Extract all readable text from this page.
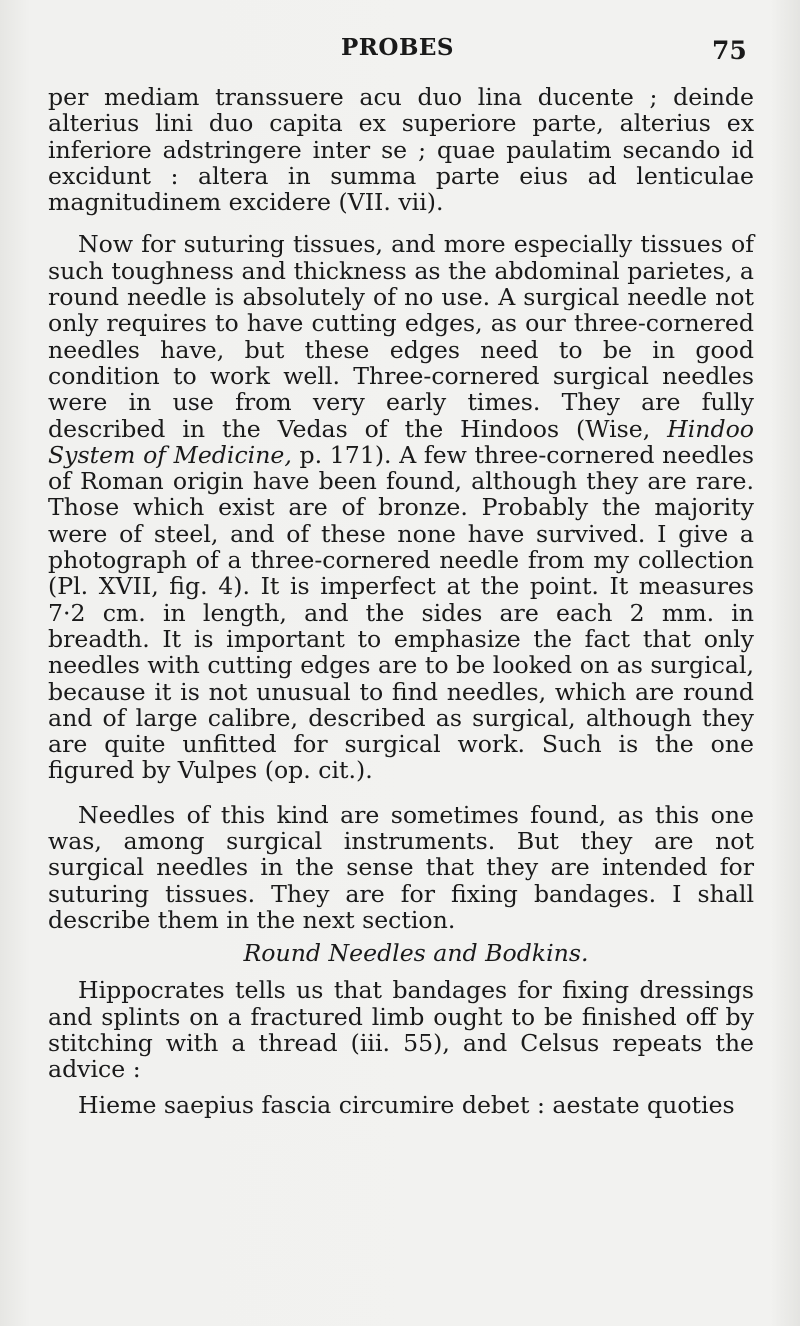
PROBES	75

per mediam transsuere acu duo lina ducente ; deinde alterius lini duo capita ex superiore parte, alterius ex inferiore adstringere inter se ; quae paulatim secando id excidunt : altera in summa parte eius ad lenticulae magnitudinem excidere (VII. vii).

Now for suturing tissues, and more especially tissues of such toughness and thickness as the abdominal parietes, a round needle is absolutely of no use. A surgical needle not only requires to have cutting edges, as our three-cornered needles have, but these edges need to be in good condition to work well. Three-cornered surgical needles were in use from very early times. They are fully described in the Vedas of the Hindoos (Wise, Hindoo System of Medicine, p. 171). A few three-cornered needles of Roman origin have been found, although they are rare. Those which exist are of bronze. Probably the majority were of steel, and of these none have survived. I give a photograph of a three-cornered needle from my collection (Pl. XVII, fig. 4). It is imperfect at the point. It measures 7·2 cm. in length, and the sides are each 2 mm. in breadth. It is important to emphasize the fact that only needles with cutting edges are to be looked on as surgical, because it is not unusual to find needles, which are round and of large calibre, described as surgical, although they are quite unfitted for surgical work. Such is the one figured by Vulpes (op. cit.).

Needles of this kind are sometimes found, as this one was, among surgical instruments. But they are not surgical needles in the sense that they are intended for suturing tissues. They are for fixing bandages. I shall describe them in the next section.

Round Needles and Bodkins.

Hippocrates tells us that bandages for fixing dressings and splints on a fractured limb ought to be finished off by stitching with a thread (iii. 55), and Celsus repeats the advice :

Hieme saepius fascia circumire debet : aestate quoties
